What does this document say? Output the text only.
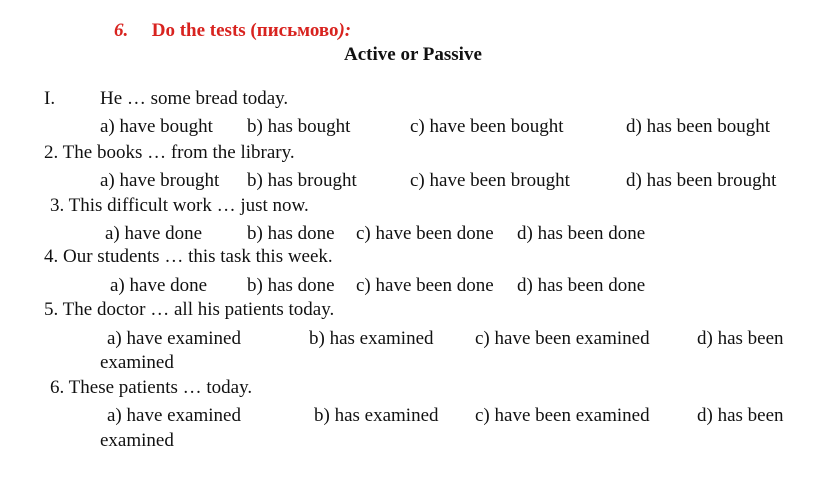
6. Do the tests (письмово):
Active or Passive
I. He … some bread today.
a) have bought b) has bought	c) have been bought	d) has been bought
2. The books … from the library.
a) have brought b) has brought	c) have been brought	d) has been brought
3. This difficult work … just now.
a) have done b) has done c) have been done d) has been done
4. Our students … this task this week.
a) have done b) has done c) have been done d) has been done
5. The doctor … all his patients today.
a) have examined	b) has examined c) have been examined d) has been
examined
6. These patients … today.
a) have examined	b) has examined c) have been examined d) has been
examined
